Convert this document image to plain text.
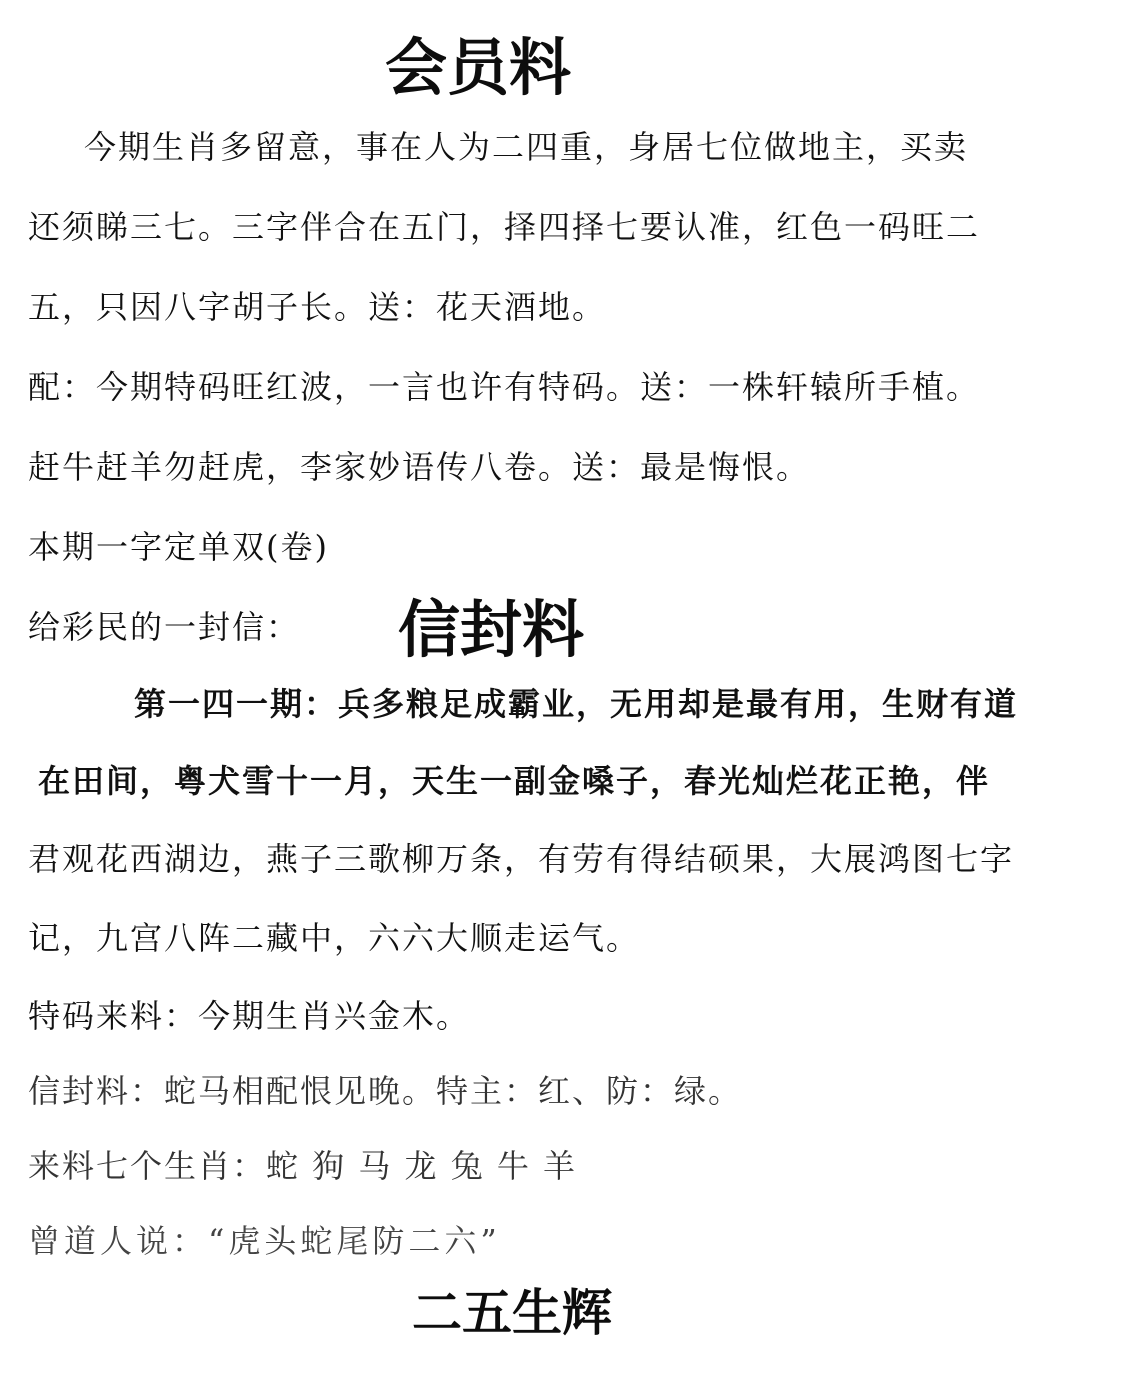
会员料
今期生肖多留意，事在人为二四重，身居七位做地主，买卖
还须睇三七。三字伴合在五门，择四择七要认准，红色一码旺二
五，只因八字胡子长。送：花天酒地。
配：今期特码旺红波，一言也许有特码。送：一株轩辕所手植。
赶牛赶羊勿赶虎，李家妙语传八卷。送：最是悔恨。
本期一字定单双(卷)
给彩民的一封信： 信封料
第一四一期：兵多粮足成霸业，无用却是最有用，生财有道
在田间，粤犬雪十一月，天生一副金嗓子，春光灿烂花正艳，伴
君观花西湖边，燕子三歌柳万条，有劳有得结硕果，大展鸿图七字
记，九宫八阵二藏中，六六大顺走运气。
特码来料：今期生肖兴金木。
信封料：蛇马相配恨见晚。特主：红、防：绿。
来料七个生肖：蛇 狗 马 龙 兔 牛 羊
曾道人说：“虎头蛇尾防二六”
二五生辉
